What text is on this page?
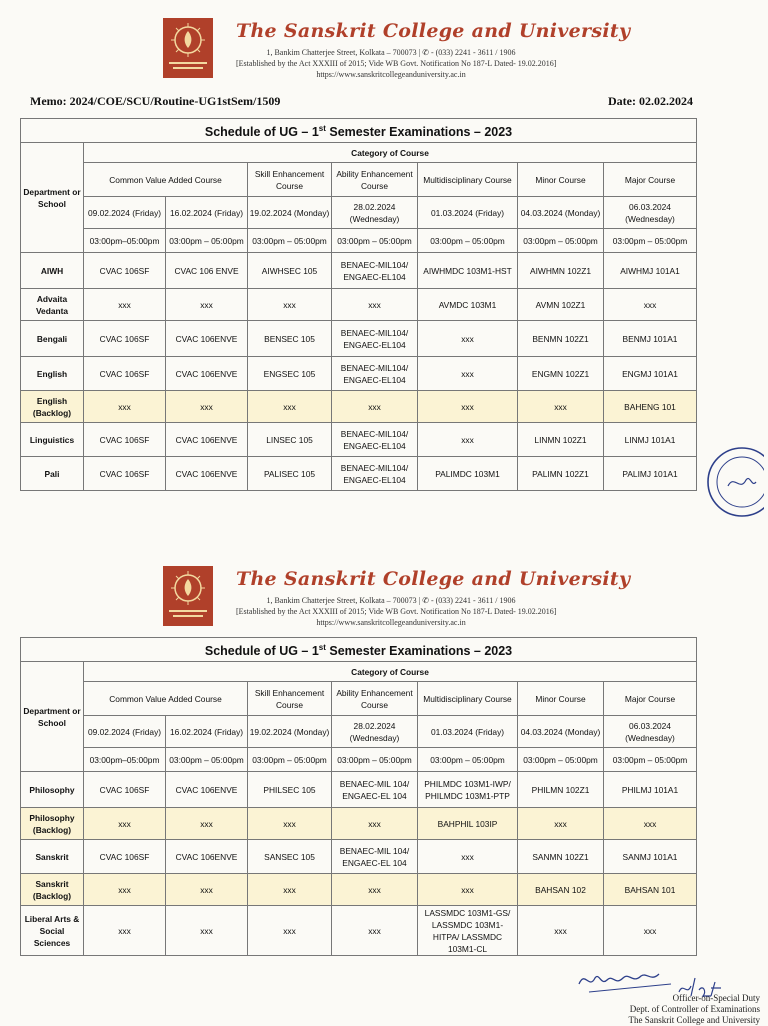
The Sanskrit College and University
1, Bankim Chatterjee Street, Kolkata – 700073 | ✆ - (033) 2241 - 3611 / 1906
[Established by the Act XXXIII of 2015; Vide WB Govt. Notification No 187-L Dated- 19.02.2016]
https://www.sanskritcollegeanduniversity.ac.in
Memo: 2024/COE/SCU/Routine-UG1stSem/1509	Date: 02.02.2024
Schedule of UG – 1st Semester Examinations – 2023							
Department or School	Category of Course						
	Common Value Added Course		Skill Enhancement Course	Ability Enhancement Course	Multidisciplinary Course	Minor Course	Major Course
	09.02.2024 (Friday)	16.02.2024 (Friday)	19.02.2024 (Monday)	28.02.2024 (Wednesday)	01.03.2024 (Friday)	04.03.2024 (Monday)	06.03.2024 (Wednesday)
	03:00pm–05:00pm	03:00pm – 05:00pm	03:00pm – 05:00pm	03:00pm – 05:00pm	03:00pm – 05:00pm	03:00pm – 05:00pm	03:00pm – 05:00pm
AIWH	CVAC 106SF	CVAC 106 ENVE	AIWHSEC 105	BENAEC-MIL104/ ENGAEC-EL104	AIWHMDC 103M1-HST	AIWHMN 102Z1	AIWHMJ 101A1
Advaita Vedanta	xxx	xxx	xxx	xxx	AVMDC 103M1	AVMN 102Z1	xxx
Bengali	CVAC 106SF	CVAC 106ENVE	BENSEC 105	BENAEC-MIL104/ ENGAEC-EL104	xxx	BENMN 102Z1	BENMJ 101A1
English	CVAC 106SF	CVAC 106ENVE	ENGSEC 105	BENAEC-MIL104/ ENGAEC-EL104	xxx	ENGMN 102Z1	ENGMJ 101A1
English (Backlog)	xxx	xxx	xxx	xxx	xxx	xxx	BAHENG 101
Linguistics	CVAC 106SF	CVAC 106ENVE	LINSEC 105	BENAEC-MIL104/ ENGAEC-EL104	xxx	LINMN 102Z1	LINMJ 101A1
Pali	CVAC 106SF	CVAC 106ENVE	PALISEC 105	BENAEC-MIL104/ ENGAEC-EL104	PALIMDC 103M1	PALIMN 102Z1	PALIMJ 101A1
The Sanskrit College and University
1, Bankim Chatterjee Street, Kolkata – 700073 | ✆ - (033) 2241 - 3611 / 1906
[Established by the Act XXXIII of 2015; Vide WB Govt. Notification No 187-L Dated- 19.02.2016]
https://www.sanskritcollegeanduniversity.ac.in
Schedule of UG – 1st Semester Examinations – 2023							
Department or School	Category of Course						
	Common Value Added Course		Skill Enhancement Course	Ability Enhancement Course	Multidisciplinary Course	Minor Course	Major Course
	09.02.2024 (Friday)	16.02.2024 (Friday)	19.02.2024 (Monday)	28.02.2024 (Wednesday)	01.03.2024 (Friday)	04.03.2024 (Monday)	06.03.2024 (Wednesday)
	03:00pm–05:00pm	03:00pm – 05:00pm	03:00pm – 05:00pm	03:00pm – 05:00pm	03:00pm – 05:00pm	03:00pm – 05:00pm	03:00pm – 05:00pm
Philosophy	CVAC 106SF	CVAC 106ENVE	PHILSEC 105	BENAEC-MIL 104/ ENGAEC-EL 104	PHILMDC 103M1-IWP/ PHILMDC 103M1-PTP	PHILMN 102Z1	PHILMJ 101A1
Philosophy (Backlog)	xxx	xxx	xxx	xxx	BAHPHIL 103IP	xxx	xxx
Sanskrit	CVAC 106SF	CVAC 106ENVE	SANSEC 105	BENAEC-MIL 104/ ENGAEC-EL 104	xxx	SANMN 102Z1	SANMJ 101A1
Sanskrit (Backlog)	xxx	xxx	xxx	xxx	xxx	BAHSAN 102	BAHSAN 101
Liberal Arts & Social Sciences	xxx	xxx	xxx	xxx	LASSMDC 103M1-GS/ LASSMDC 103M1-HITPA/ LASSMDC 103M1-CL	xxx	xxx
Officer-on-Special Duty
Dept. of Controller of Examinations
The Sanskrit College and University
